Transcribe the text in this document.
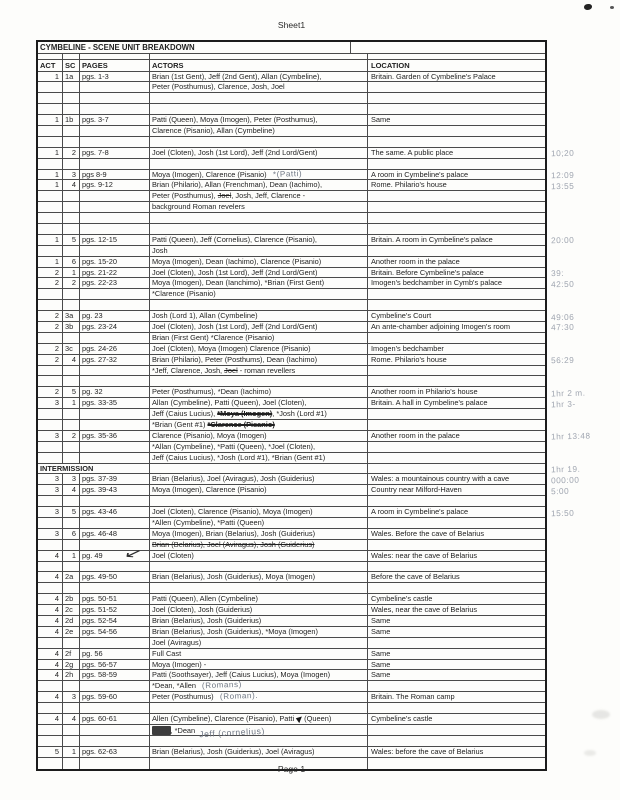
Sheet1
CYMBELINE - SCENE UNIT BREAKDOWN
ACT	SC PAGES	ACTORS	LOCATION
1 1a	pgs. 1-3	Brian (1st Gent), Jeff (2nd Gent), Allan (Cymbeline),	Britain. Garden of Cymbeline's Palace
Peter (Posthumus), Clarence, Josh, Joel
1 1b	pgs. 3-7	Patti (Queen), Moya (Imogen), Peter (Posthumus),	Same
Clarence (Pisanio), Allan (Cymbeline)
1	2 pgs. 7-8	Joel (Cloten), Josh (1st Lord), Jeff (2nd Lord/Gent)	The same. A public place	10;20
1	3 pgs 8-9	Moya (Imogen), Clarence (Pisanio) *(Patti)	A room in Cymbeline's palace	12:09
1	4 pgs. 9-12	Brian (Philario), Allan (Frenchman), Dean (Iachimo),	Rome. Philario's house	13:55
Peter (Posthumus), Joel, Josh, Jeff, Clarence -
background Roman revelers
1	5 pgs. 12-15	Patti (Queen), Jeff (Cornelius), Clarence (Pisanio),	Britain. A room in Cymbeline's palace	20:00
Josh
1	6 pgs. 15-20	Moya (Imogen), Dean (Iachimo), Clarence (Pisanio)	Another room in the palace
2	1 pgs. 21-22	Joel (Cloten), Josh (1st Lord), Jeff (2nd Lord/Gent)	Britain. Before Cymbeline's palace	39:
2	2 pgs. 22-23	Moya (Imogen), Dean (Ianchimo), *Brian (First Gent)	Imogen's bedchamber in Cymb's palace	42:50
*Clarence (Pisanio)
2 3a	pg. 23	Josh (Lord 1), Allan (Cymbeline)	Cymbeline's Court	49:06
2 3b	pgs. 23-24	Joel (Cloten), Josh (1st Lord), Jeff (2nd Lord/Gent)	An ante-chamber adjoining Imogen's room	47:30
Brian (First Gent) *Clarence (Pisanio)
2 3c	pgs. 24-26	Joel (Cloten), Moya (Imogen) Clarence (Pisanio)	Imogen's bedchamber
2	4 pgs. 27-32	Brian (Philario), Peter (Posthums), Dean (Iachimo)	Rome. Philario's house	56:29
*Jeff, Clarence, Josh, Joel - roman revellers
2	5 pg. 32	Peter (Posthumus), *Dean (Iachimo)	Another room in Philario's house	1hr 2 m.
3	1 pgs. 33-35	Allan (Cymbeline), Patti (Queen), Joel (Cloten),	Britain. A hall in Cymbeline's palace	1hr 3-
Jeff (Caius Lucius), *Moya (Imogen), *Josh (Lord #1)
*Brian (Gent #1) *Clarence (Pisanio)
3	2 pgs. 35-36	Clarence (Pisanio), Moya (Imogen)	Another room in the palace	1hr 13:48
*Allan (Cymbeline), *Patti (Queen), *Joel (Cloten),
Jeff (Caius Lucius), *Josh (Lord #1), *Brian (Gent #1)
INTERMISSION	1hr 19.
3	3 pgs. 37-39	Brian (Belarius), Joel (Aviragus), Josh (Guiderius)	Wales: a mountainous country with a cave	000:00
3	4 pgs. 39-43	Moya (Imogen), Clarence (Pisanio)	Country near Milford-Haven	5:00
3	5 pgs. 43-46	Joel (Cloten), Clarence (Pisanio), Moya (Imogen)	A room in Cymbeline's palace	15:50
*Allen (Cymbeline), *Patti (Queen)
3	6 pgs. 46-48	Moya (Imogen), Brian (Belarius), Josh (Guiderius)	Wales. Before the cave of Belarius
Brian (Belarius), Joel (Aviragus), Josh (Guiderius)
4	1 pg. 49	Joel (Cloten)	Wales: near the cave of Belarius
↙
4 2a	pgs. 49-50	Brian (Belarius), Josh (Guiderius), Moya (Imogen)	Before the cave of Belarius
4 2b	pgs. 50-51	Patti (Queen), Allen (Cymbeline)	Cymbeline's castle
4 2c	pgs. 51-52	Joel (Cloten), Josh (Guiderius)	Wales, near the cave of Belarius
4 2d	pgs. 52-54	Brian (Belarius), Josh (Guiderius)	Same
4 2e	pgs. 54-56	Brian (Belarius), Josh (Guiderius), *Moya (Imogen)	Same
Joel (Aviragus)
4 2f	pg. 56	Full Cast	Same
4 2g	pgs. 56-57	Moya (Imogen) -	Same
4 2h	pgs. 58-59	Patti (Soothsayer), Jeff (Caius Lucius), Moya (Imogen)	Same
*Dean, *Allen (Romans)
4	3 pgs. 59-60	Peter (Posthumus) (Roman).	Britain. The Roman camp
4	4 pgs. 60-61	Allen (Cymbeline), Clarence (Pisanio), Patti (Queen)	Cymbeline's castle
*Josh, *Dean Jeff (cornelius)
5	1 pgs. 62-63	Brian (Belarius), Josh (Guiderius), Joel (Aviragus)	Wales: before the cave of Belarius
Page 1
